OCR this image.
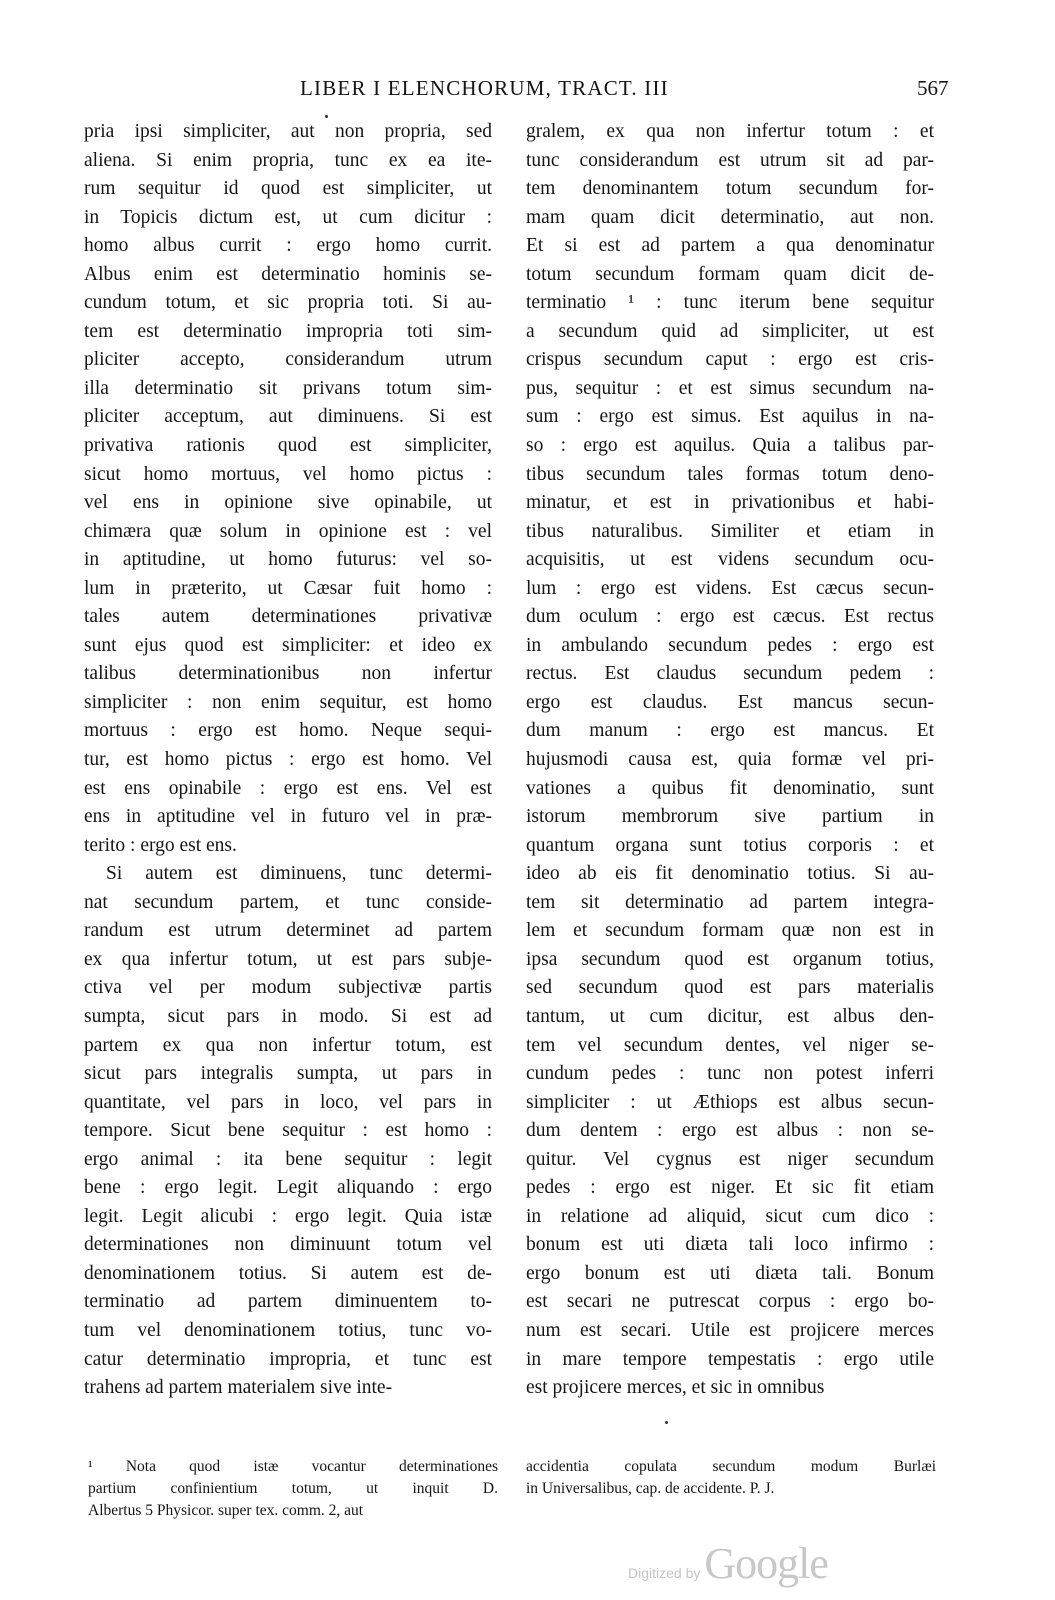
LIBER I ELENCHORUM, TRACT. III	567
pria ipsi simpliciter, aut non propria, sed
aliena. Si enim propria, tunc ex ea ite-
rum sequitur id quod est simpliciter, ut
in Topicis dictum est, ut cum dicitur :
homo albus currit : ergo homo currit.
Albus enim est determinatio hominis se-
cundum totum, et sic propria toti. Si au-
tem est determinatio impropria toti sim-
pliciter accepto, considerandum utrum
illa determinatio sit privans totum sim-
pliciter acceptum, aut diminuens. Si est
privativa rationis quod est simpliciter,
sicut homo mortuus, vel homo pictus :
vel ens in opinione sive opinabile, ut
chimæra quæ solum in opinione est : vel
in aptitudine, ut homo futurus: vel so-
lum in præterito, ut Cæsar fuit homo :
tales autem determinationes privativæ
sunt ejus quod est simpliciter: et ideo ex
talibus determinationibus non infertur
simpliciter : non enim sequitur, est homo
mortuus : ergo est homo. Neque sequi-
tur, est homo pictus : ergo est homo. Vel
est ens opinabile : ergo est ens. Vel est
ens in aptitudine vel in futuro vel in præ-
terito : ergo est ens.
Si autem est diminuens, tunc determi-
nat secundum partem, et tunc conside-
randum est utrum determinet ad partem
ex qua infertur totum, ut est pars subje-
ctiva vel per modum subjectivæ partis
sumpta, sicut pars in modo. Si est ad
partem ex qua non infertur totum, est
sicut pars integralis sumpta, ut pars in
quantitate, vel pars in loco, vel pars in
tempore. Sicut bene sequitur : est homo :
ergo animal : ita bene sequitur : legit
bene : ergo legit. Legit aliquando : ergo
legit. Legit alicubi : ergo legit. Quia istæ
determinationes non diminuunt totum vel
denominationem totius. Si autem est de-
terminatio ad partem diminuentem to-
tum vel denominationem totius, tunc vo-
catur determinatio impropria, et tunc est
trahens ad partem materialem sive inte-
gralem, ex qua non infertur totum : et
tunc considerandum est utrum sit ad par-
tem denominantem totum secundum for-
mam quam dicit determinatio, aut non.
Et si est ad partem a qua denominatur
totum secundum formam quam dicit de-
terminatio ¹ : tunc iterum bene sequitur
a secundum quid ad simpliciter, ut est
crispus secundum caput : ergo est cris-
pus, sequitur : et est simus secundum na-
sum : ergo est simus. Est aquilus in na-
so : ergo est aquilus. Quia a talibus par-
tibus secundum tales formas totum deno-
minatur, et est in privationibus et habi-
tibus naturalibus. Similiter et etiam in
acquisitis, ut est videns secundum ocu-
lum : ergo est videns. Est cæcus secun-
dum oculum : ergo est cæcus. Est rectus
in ambulando secundum pedes : ergo est
rectus. Est claudus secundum pedem :
ergo est claudus. Est mancus secun-
dum manum : ergo est mancus. Et
hujusmodi causa est, quia formæ vel pri-
vationes a quibus fit denominatio, sunt
istorum membrorum sive partium in
quantum organa sunt totius corporis : et
ideo ab eis fit denominatio totius. Si au-
tem sit determinatio ad partem integra-
lem et secundum formam quæ non est in
ipsa secundum quod est organum totius,
sed secundum quod est pars materialis
tantum, ut cum dicitur, est albus den-
tem vel secundum dentes, vel niger se-
cundum pedes : tunc non potest inferri
simpliciter : ut Æthiops est albus secun-
dum dentem : ergo est albus : non se-
quitur. Vel cygnus est niger secundum
pedes : ergo est niger. Et sic fit etiam
in relatione ad aliquid, sicut cum dico :
bonum est uti diæta tali loco infirmo :
ergo bonum est uti diæta tali. Bonum
est secari ne putrescat corpus : ergo bo-
num est secari. Utile est projicere merces
in mare tempore tempestatis : ergo utile
est projicere merces, et sic in omnibus
¹ Nota quod istæ vocantur determinationes
partium confinientium totum, ut inquit D.
Albertus 5 Physicor. super tex. comm. 2, aut
accidentia copulata secundum modum Burlæi
in Universalibus, cap. de accidente. P. J.
Digitized by Google
